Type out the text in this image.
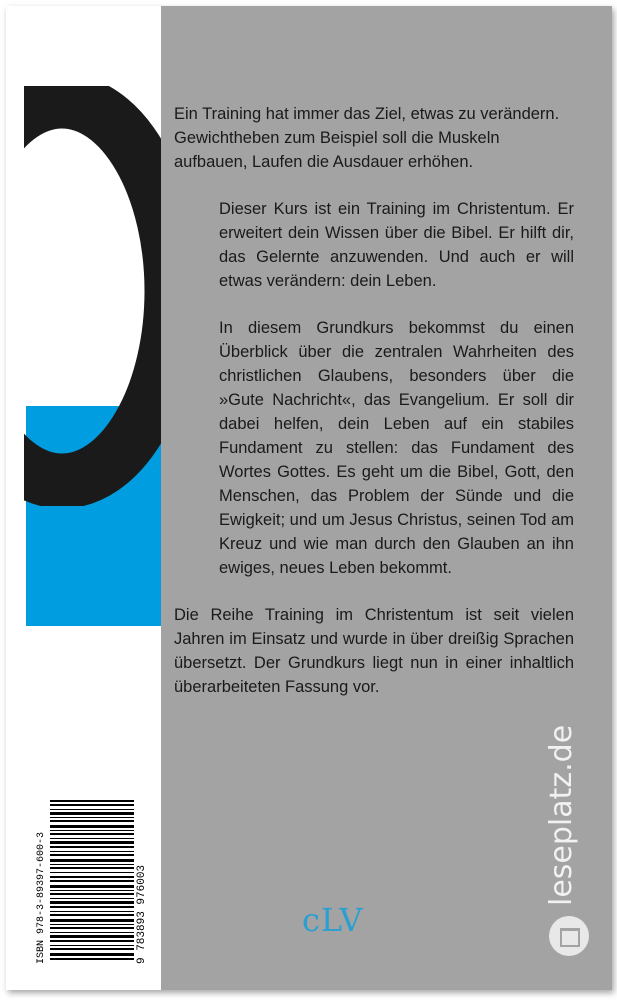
ISBN 978-3-89397-600-3	9 783893 976003	cLV
leseplatz.de

Ein Training hat immer das Ziel, etwas zu verändern. Gewichtheben zum Beispiel soll die Muskeln aufbauen, Laufen die Ausdauer erhöhen.

Dieser Kurs ist ein Training im Christentum. Er erweitert dein Wissen über die Bibel. Er hilft dir, das Gelernte anzuwenden. Und auch er will etwas verändern: dein Leben.

In diesem Grundkurs bekommst du einen Überblick über die zentralen Wahrheiten des christlichen Glaubens, besonders über die »Gute Nachricht«, das Evangelium. Er soll dir dabei helfen, dein Leben auf ein stabiles Fundament zu stellen: das Fundament des Wortes Gottes. Es geht um die Bibel, Gott, den Menschen, das Problem der Sünde und die Ewigkeit; und um Jesus Christus, seinen Tod am Kreuz und wie man durch den Glauben an ihn ewiges, neues Leben bekommt.

Die Reihe Training im Christentum ist seit vielen Jahren im Einsatz und wurde in über dreißig Sprachen übersetzt. Der Grundkurs liegt nun in einer inhaltlich überarbeiteten Fassung vor.
